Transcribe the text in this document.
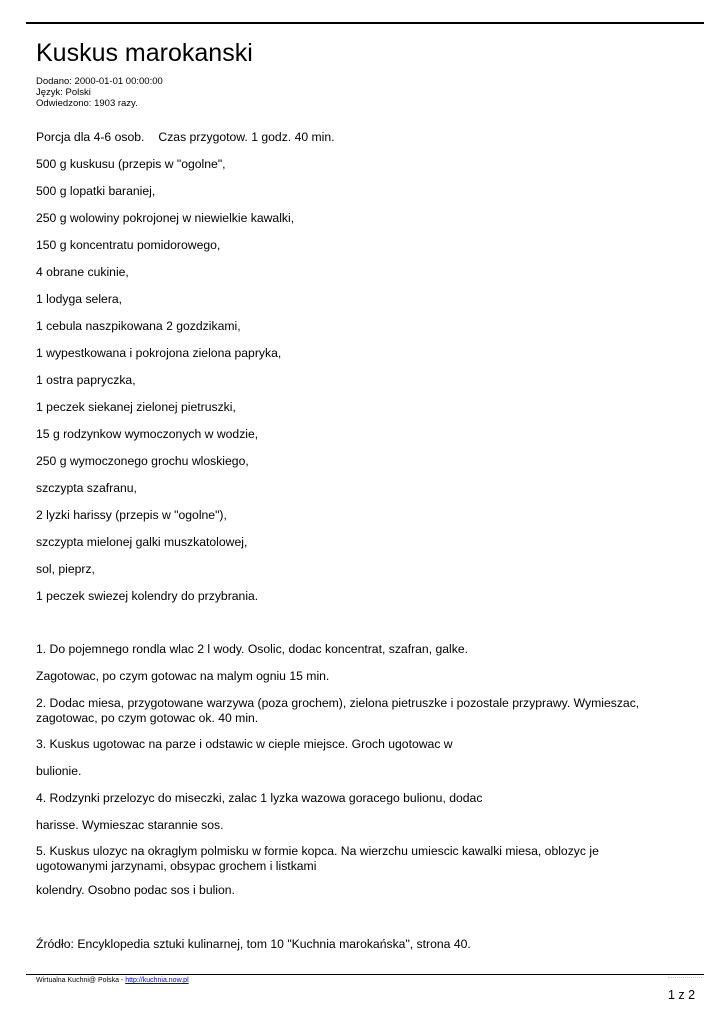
Kuskus marokanski
Dodano: 2000-01-01 00:00:00
Język: Polski
Odwiedzono: 1903 razy.
Porcja dla 4-6 osob. Czas przygotow. 1 godz. 40 min.
500 g kuskusu (przepis w "ogolne",
500 g lopatki baraniej,
250 g wolowiny pokrojonej w niewielkie kawalki,
150 g koncentratu pomidorowego,
4 obrane cukinie,
1 lodyga selera,
1 cebula naszpikowana 2 gozdzikami,
1 wypestkowana i pokrojona zielona papryka,
1 ostra papryczka,
1 peczek siekanej zielonej pietruszki,
15 g rodzynkow wymoczonych w wodzie,
250 g wymoczonego grochu wloskiego,
szczypta szafranu,
2 lyzki harissy (przepis w "ogolne"),
szczypta mielonej galki muszkatolowej,
sol, pieprz,
1 peczek swiezej kolendry do przybrania.
1. Do pojemnego rondla wlac 2 l wody. Osolic, dodac koncentrat, szafran, galke.
Zagotowac, po czym gotowac na malym ogniu 15 min.
2. Dodac miesa, przygotowane warzywa (poza grochem), zielona pietruszke i pozostale przyprawy. Wymieszac, zagotowac, po czym gotowac ok. 40 min.
3. Kuskus ugotowac na parze i odstawic w cieple miejsce. Groch ugotowac w
bulionie.
4. Rodzynki przelozyc do miseczki, zalac 1 lyzka wazowa goracego bulionu, dodac
harisse. Wymieszac starannie sos.
5. Kuskus ulozyc na okraglym polmisku w formie kopca. Na wierzchu umiescic kawalki miesa, oblozyc je ugotowanymi jarzynami, obsypac grochem i listkami
kolendry. Osobno podac sos i bulion.
Źródło: Encyklopedia sztuki kulinarnej, tom 10 "Kuchnia marokańska", strona 40.
Wirtualna Kuchni@ Polska - http://kuchnia.now.pl
1 z 2
